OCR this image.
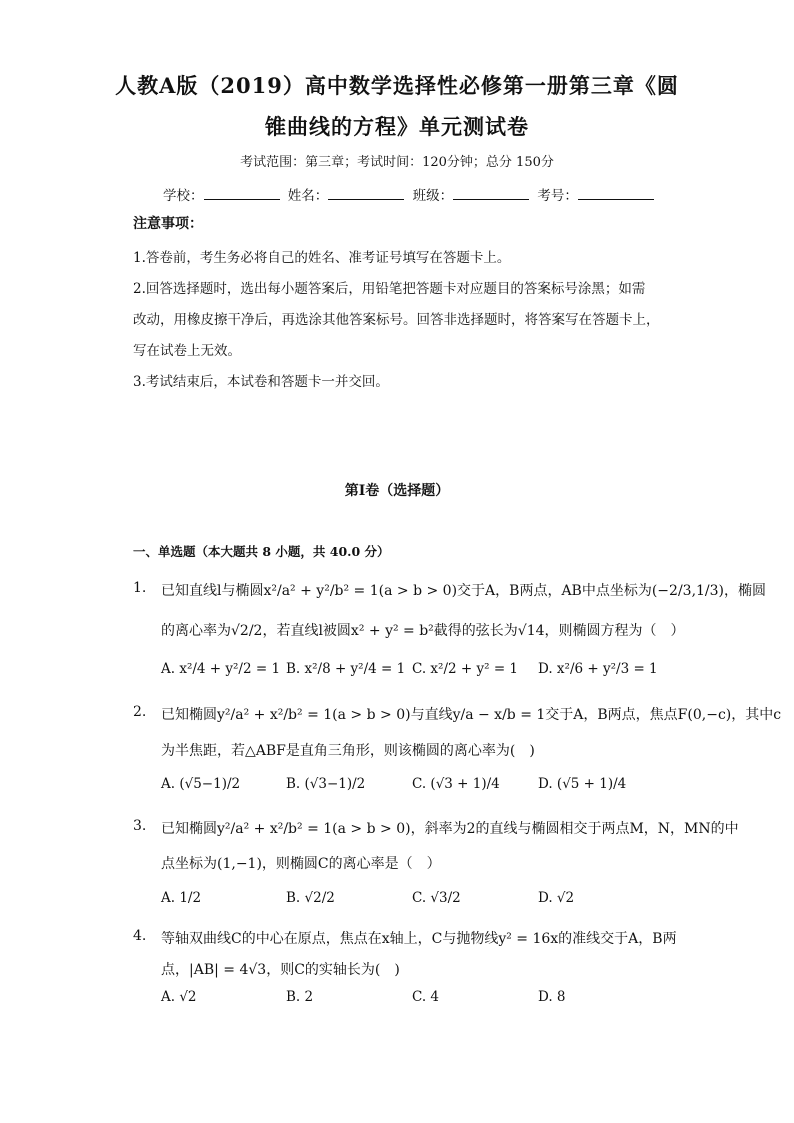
人教A版（2019）高中数学选择性必修第一册第三章《圆
锥曲线的方程》单元测试卷
考试范围：第三章；考试时间：120分钟；总分 150分
学校：	姓名：	班级：	考号：
注意事项：
1.答卷前，考生务必将自己的姓名、准考证号填写在答题卡上。
2.回答选择题时，选出每小题答案后，用铅笔把答题卡对应题目的答案标号涂黑；如需
改动，用橡皮擦干净后，再选涂其他答案标号。回答非选择题时，将答案写在答题卡上，
写在试卷上无效。
3.考试结束后，本试卷和答题卡一并交回。
第I卷（选择题）
一、单选题（本大题共 8 小题，共 40.0 分）
1. 已知直线l与椭圆x²/a² + y²/b² = 1(a > b > 0)交于A，B两点，AB中点坐标为(−2/3,1/3)，椭圆
的离心率为√2/2，若直线l被圆x² + y² = b²截得的弦长为√14，则椭圆方程为（　）
A. x²/4 + y²/2 = 1 B. x²/8 + y²/4 = 1 C. x²/2 + y² = 1 D. x²/6 + y²/3 = 1
2. 已知椭圆y²/a² + x²/b² = 1(a > b > 0)与直线y/a − x/b = 1交于A，B两点，焦点F(0,−c)，其中c
为半焦距，若△ABF是直角三角形，则该椭圆的离心率为(　)
A. (√5−1)/2	B. (√3−1)/2	C. (√3 + 1)/4	D. (√5 + 1)/4
3. 已知椭圆y²/a² + x²/b² = 1(a > b > 0)，斜率为2的直线与椭圆相交于两点M，N，MN的中
点坐标为(1,−1)，则椭圆C的离心率是（　）
A. 1/2	B. √2/2	C. √3/2	D. √2
4. 等轴双曲线C的中心在原点，焦点在x轴上，C与抛物线y² = 16x的准线交于A，B两
点，|AB| = 4√3，则C的实轴长为(　)
A. √2	B. 2	C. 4	D. 8
